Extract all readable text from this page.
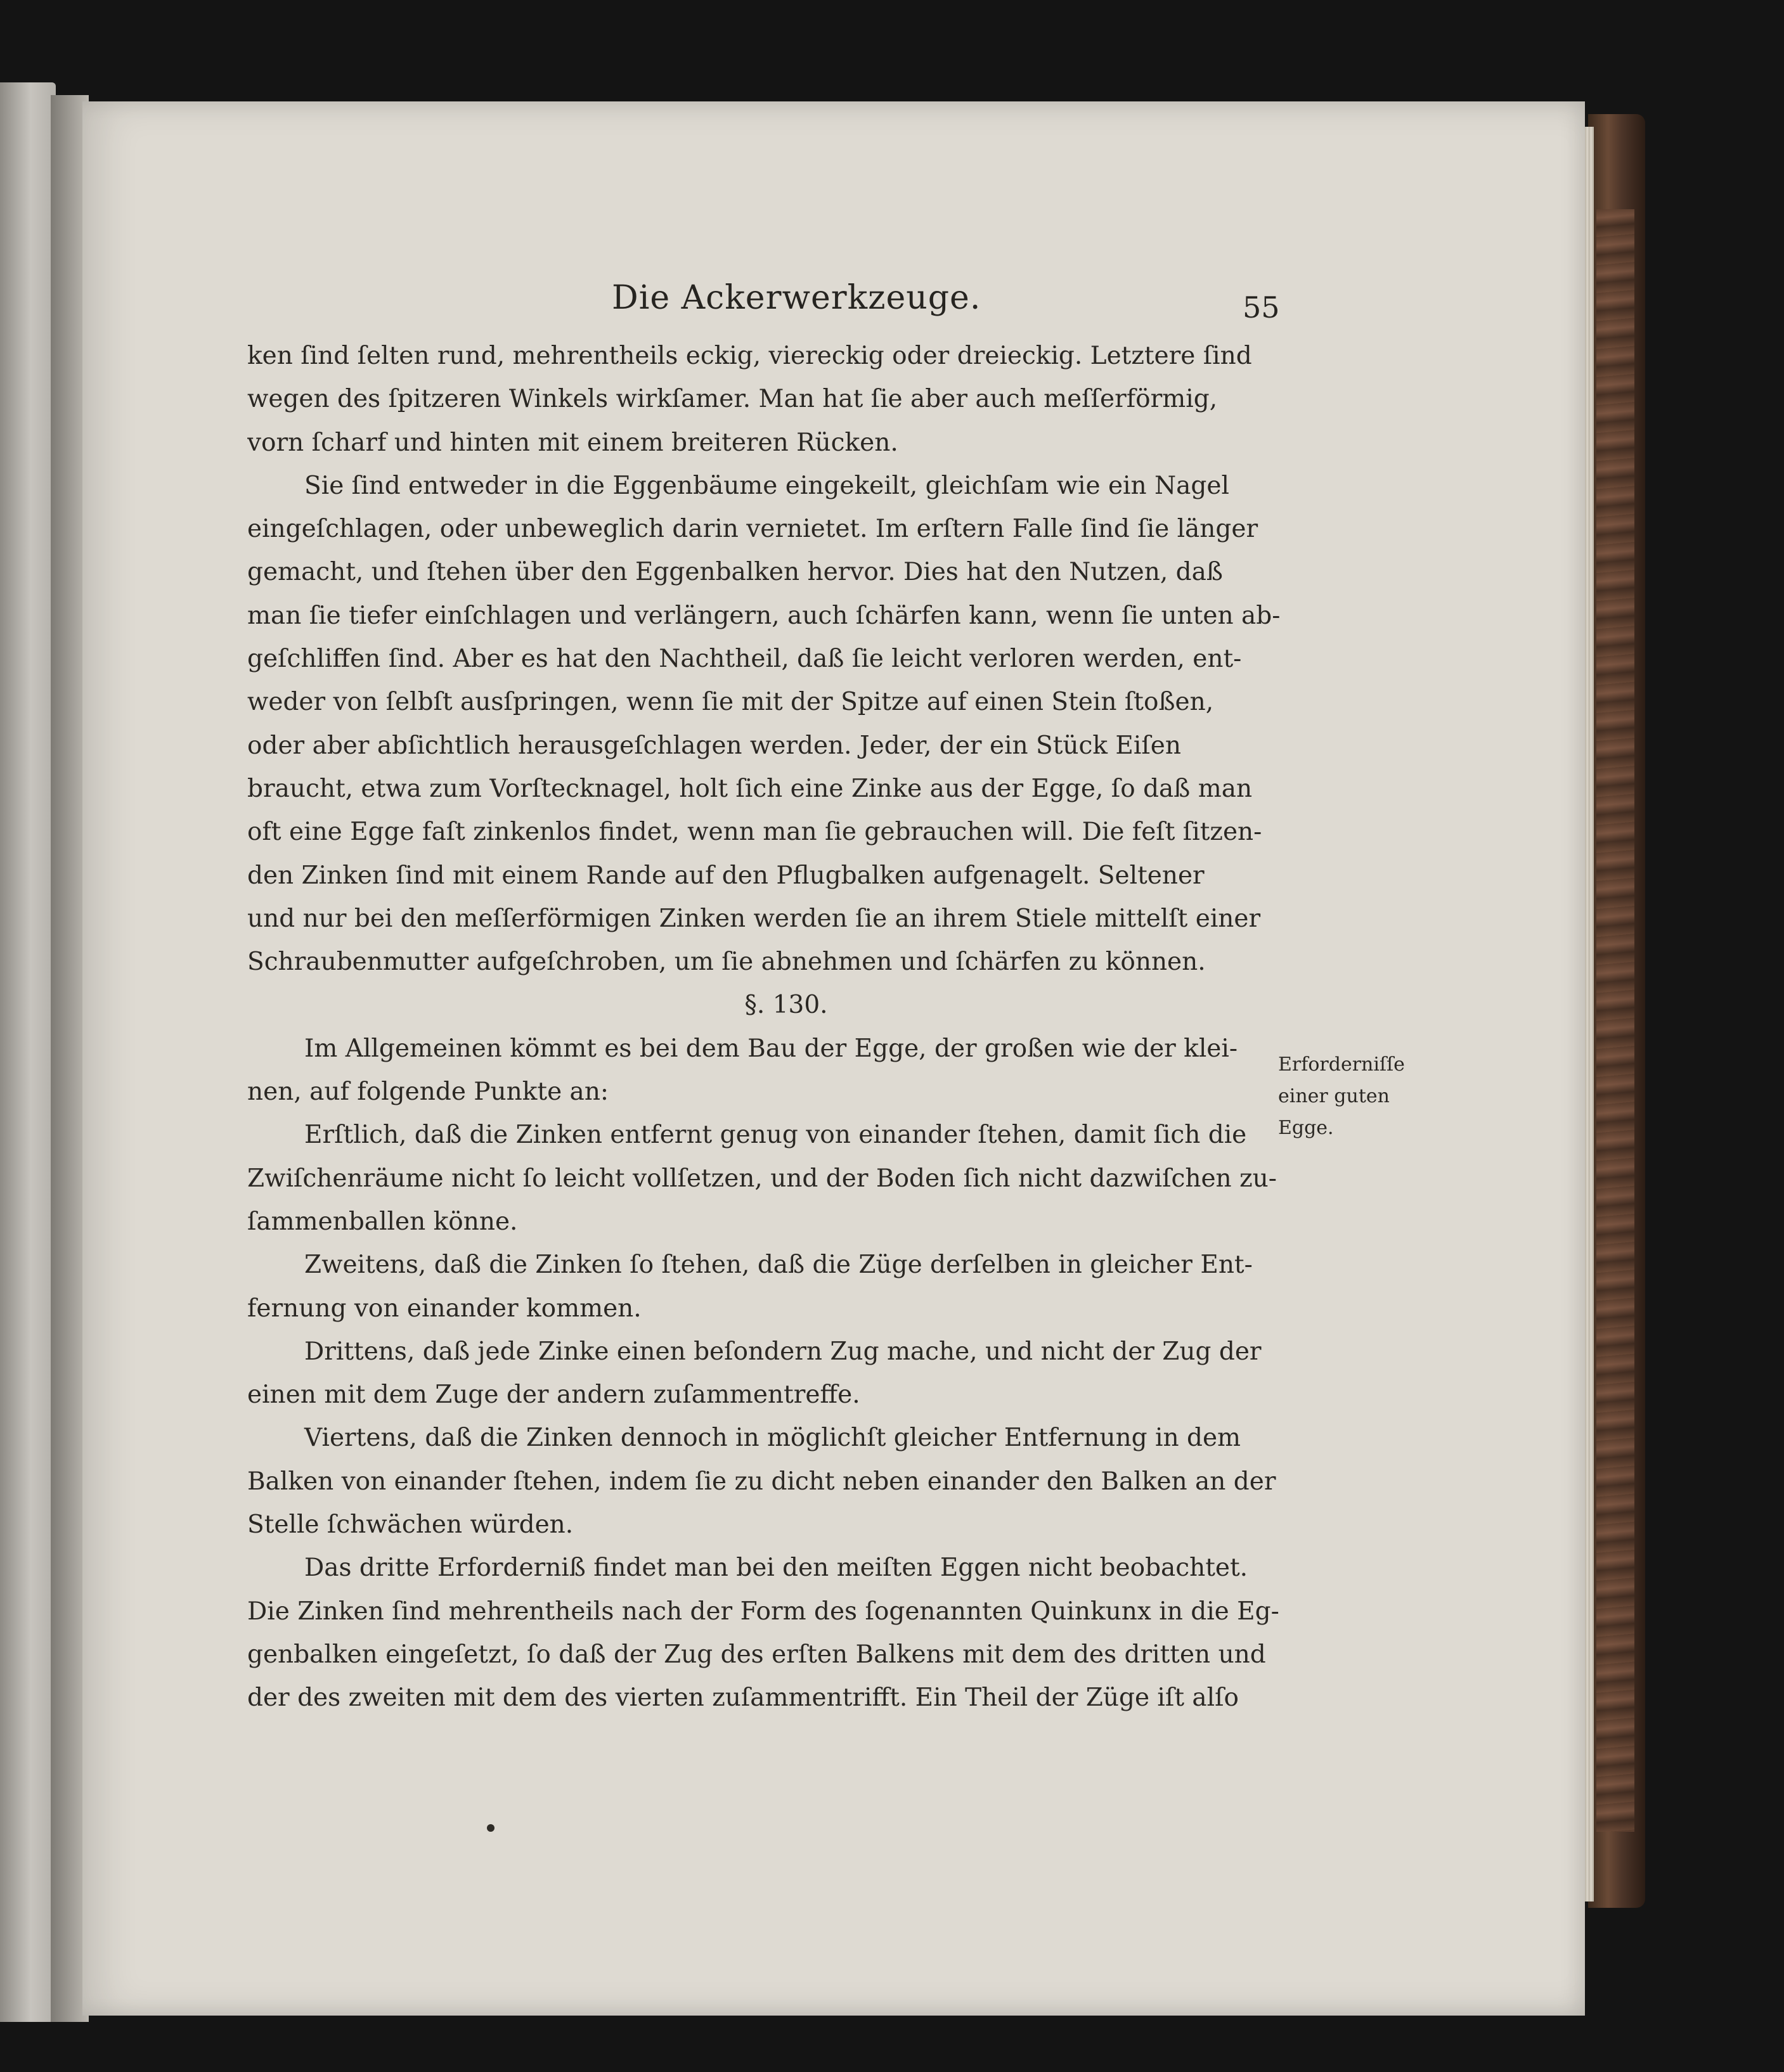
Die Ackerwerkzeuge.	55
ken ſind ſelten rund, mehrentheils eckig, viereckig oder dreieckig. Letztere ſind
wegen des ſpitzeren Winkels wirkſamer. Man hat ſie aber auch meſſerförmig,
vorn ſcharf und hinten mit einem breiteren Rücken.
Sie ſind entweder in die Eggenbäume eingekeilt, gleichſam wie ein Nagel
eingeſchlagen, oder unbeweglich darin vernietet. Im erſtern Falle ſind ſie länger
gemacht, und ſtehen über den Eggenbalken hervor. Dies hat den Nutzen, daß
man ſie tiefer einſchlagen und verlängern, auch ſchärfen kann, wenn ſie unten ab-
geſchliffen ſind. Aber es hat den Nachtheil, daß ſie leicht verloren werden, ent-
weder von ſelbſt ausſpringen, wenn ſie mit der Spitze auf einen Stein ſtoßen,
oder aber abſichtlich herausgeſchlagen werden. Jeder, der ein Stück Eiſen
braucht, etwa zum Vorſtecknagel, holt ſich eine Zinke aus der Egge, ſo daß man
oft eine Egge faſt zinkenlos findet, wenn man ſie gebrauchen will. Die feſt ſitzen-
den Zinken ſind mit einem Rande auf den Pflugbalken aufgenagelt. Seltener
und nur bei den meſſerförmigen Zinken werden ſie an ihrem Stiele mittelſt einer
Schraubenmutter aufgeſchroben, um ſie abnehmen und ſchärfen zu können.
§. 130.
Im Allgemeinen kömmt es bei dem Bau der Egge, der großen wie der klei-
nen, auf folgende Punkte an:
Erſtlich, daß die Zinken entfernt genug von einander ſtehen, damit ſich die
Zwiſchenräume nicht ſo leicht vollſetzen, und der Boden ſich nicht dazwiſchen zu-
ſammenballen könne.
Zweitens, daß die Zinken ſo ſtehen, daß die Züge derſelben in gleicher Ent-
fernung von einander kommen.
Drittens, daß jede Zinke einen beſondern Zug mache, und nicht der Zug der
einen mit dem Zuge der andern zuſammentreffe.
Viertens, daß die Zinken dennoch in möglichſt gleicher Entfernung in dem
Balken von einander ſtehen, indem ſie zu dicht neben einander den Balken an der
Stelle ſchwächen würden.
Das dritte Erforderniß findet man bei den meiſten Eggen nicht beobachtet.
Die Zinken ſind mehrentheils nach der Form des ſogenannten Quinkunx in die Eg-
genbalken eingeſetzt, ſo daß der Zug des erſten Balkens mit dem des dritten und
der des zweiten mit dem des vierten zuſammentrifft. Ein Theil der Züge iſt alſo
Erforderniſſe
einer guten
Egge.
